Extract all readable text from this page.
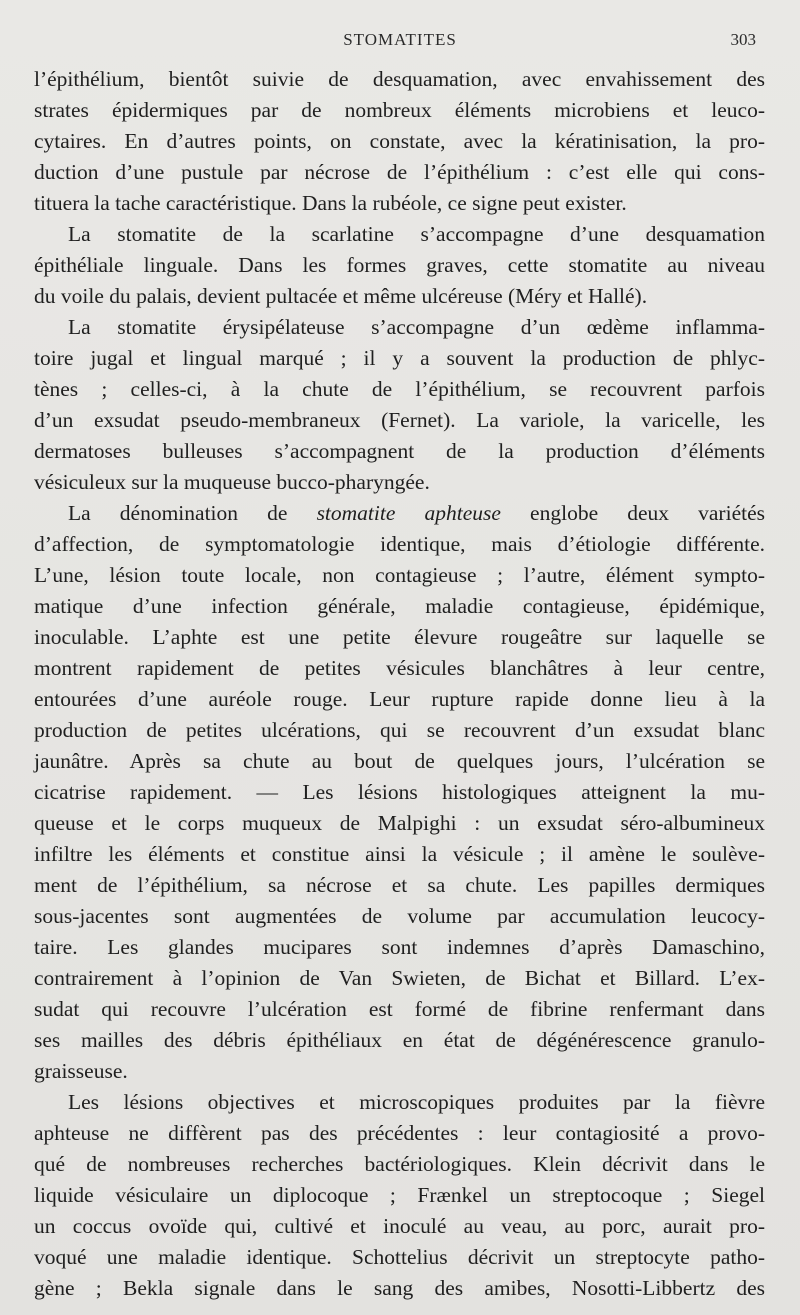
STOMATITES	303
l’épithélium, bientôt suivie de desquamation, avec envahissement des
strates épidermiques par de nombreux éléments microbiens et leuco-
cytaires. En d’autres points, on constate, avec la kératinisation, la pro-
duction d’une pustule par nécrose de l’épithélium : c’est elle qui cons-
tituera la tache caractéristique. Dans la rubéole, ce signe peut exister.
La stomatite de la scarlatine s’accompagne d’une desquamation
épithéliale linguale. Dans les formes graves, cette stomatite au niveau
du voile du palais, devient pultacée et même ulcéreuse (Méry et Hallé).
La stomatite érysipélateuse s’accompagne d’un œdème inflamma-
toire jugal et lingual marqué ; il y a souvent la production de phlyc-
tènes ; celles-ci, à la chute de l’épithélium, se recouvrent parfois
d’un exsudat pseudo-membraneux (Fernet). La variole, la varicelle, les
dermatoses bulleuses s’accompagnent de la production d’éléments
vésiculeux sur la muqueuse bucco-pharyngée.
La dénomination de stomatite aphteuse englobe deux variétés
d’affection, de symptomatologie identique, mais d’étiologie différente.
L’une, lésion toute locale, non contagieuse ; l’autre, élément sympto-
matique d’une infection générale, maladie contagieuse, épidémique,
inoculable. L’aphte est une petite élevure rougeâtre sur laquelle se
montrent rapidement de petites vésicules blanchâtres à leur centre,
entourées d’une auréole rouge. Leur rupture rapide donne lieu à la
production de petites ulcérations, qui se recouvrent d’un exsudat blanc
jaunâtre. Après sa chute au bout de quelques jours, l’ulcération se
cicatrise rapidement. — Les lésions histologiques atteignent la mu-
queuse et le corps muqueux de Malpighi : un exsudat séro-albumineux
infiltre les éléments et constitue ainsi la vésicule ; il amène le soulève-
ment de l’épithélium, sa nécrose et sa chute. Les papilles dermiques
sous-jacentes sont augmentées de volume par accumulation leucocy-
taire. Les glandes mucipares sont indemnes d’après Damaschino,
contrairement à l’opinion de Van Swieten, de Bichat et Billard. L’ex-
sudat qui recouvre l’ulcération est formé de fibrine renfermant dans
ses mailles des débris épithéliaux en état de dégénérescence granulo-
graisseuse.
Les lésions objectives et microscopiques produites par la fièvre
aphteuse ne diffèrent pas des précédentes : leur contagiosité a provo-
qué de nombreuses recherches bactériologiques. Klein décrivit dans le
liquide vésiculaire un diplocoque ; Frænkel un streptocoque ; Siegel
un coccus ovoïde qui, cultivé et inoculé au veau, au porc, aurait pro-
voqué une maladie identique. Schottelius décrivit un streptocyte patho-
gène ; Bekla signale dans le sang des amibes, Nosotti-Libbertz des
